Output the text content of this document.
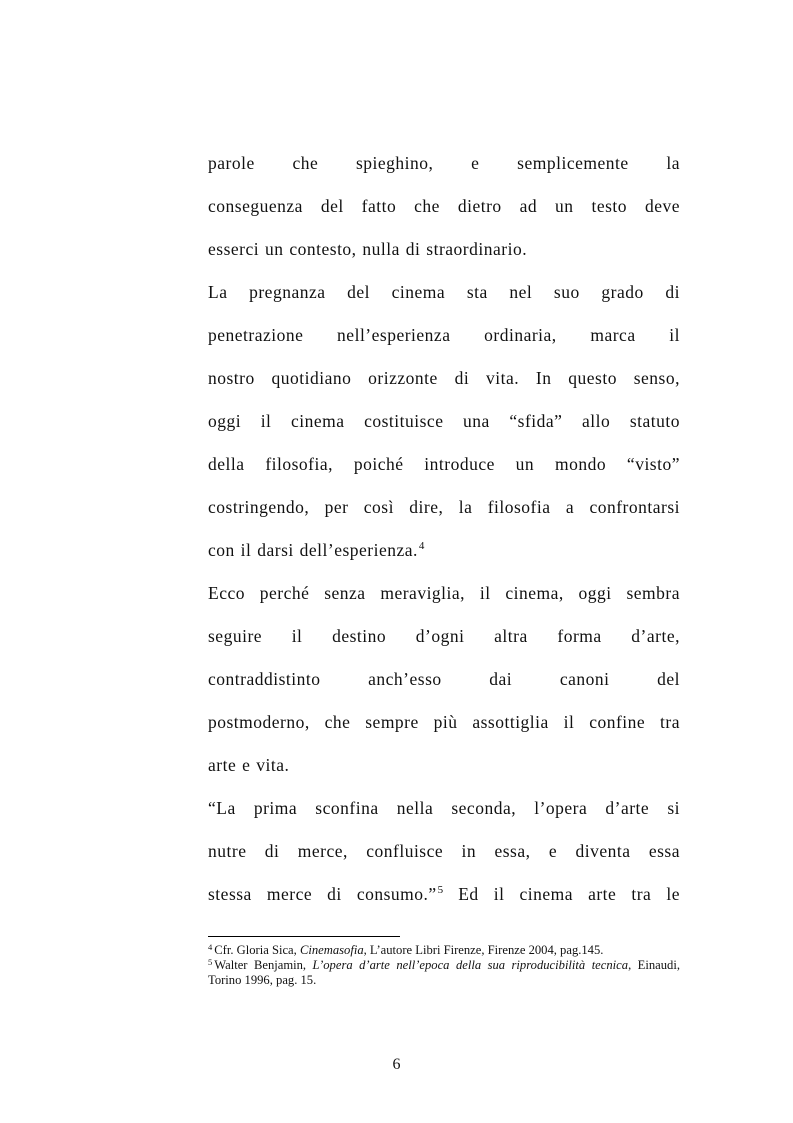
parole che spieghino, e semplicemente la
conseguenza del fatto che dietro ad un testo deve
esserci un contesto, nulla di straordinario.
La pregnanza del cinema sta nel suo grado di
penetrazione nell’esperienza ordinaria, marca il
nostro quotidiano orizzonte di vita. In questo senso,
oggi il cinema costituisce una “sfida” allo statuto
della filosofia, poiché introduce un mondo “visto”
costringendo, per così dire, la filosofia a confrontarsi
con il darsi dell’esperienza.$^4$
Ecco perché senza meraviglia, il cinema, oggi sembra
seguire il destino d’ogni altra forma d’arte,
contraddistinto anch’esso dai canoni del
postmoderno, che sempre più assottiglia il confine tra
arte e vita.
“La prima sconfina nella seconda, l’opera d’arte si
nutre di merce, confluisce in essa, e diventa essa
stessa merce di consumo.”$^5$ Ed il cinema arte tra le
$^4$ Cfr. Gloria Sica, Cinemasofia, L’autore Libri Firenze, Firenze 2004, pag.145.
$^5$ Walter Benjamin, L’opera d’arte nell’epoca della sua riproducibilità tecnica, Einaudi,
Torino 1996, pag. 15.
6
